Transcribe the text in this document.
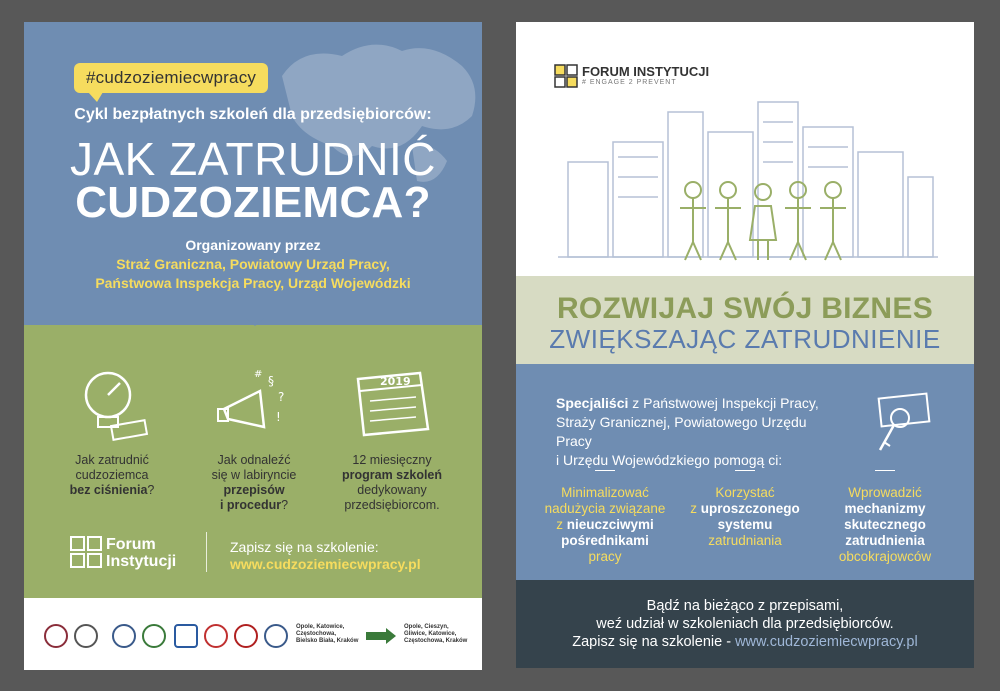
#cudzoziemiecwpracy
Cykl bezpłatnych szkoleń dla przedsiębiorców:
JAK ZATRUDNIĆ
CUDZOZIEMCA?
Organizowany przez
Straż Graniczna, Powiatowy Urząd Pracy,
Państwowa Inspekcja Pracy, Urząd Wojewódzki
Jak zatrudnić
cudzoziemca
bez ciśnienia?
§
?
#
!
Jak odnaleźć
się w labiryncie
przepisów
i procedur?
2019
12 miesięczny
program szkoleń
dedykowany
przedsiębiorcom.
Forum
Instytucji
Zapisz się na szkolenie:
www.cudzoziemiecwpracy.pl
Opole, Katowice,
Częstochowa,
Bielsko Biała, Kraków
Opole, Cieszyn,
Gliwice, Katowice,
Częstochowa, Kraków
FORUM INSTYTUCJI
# ENGAGE 2 PREVENT
ROZWIJAJ SWÓJ BIZNES
ZWIĘKSZAJĄC ZATRUDNIENIE
Specjaliści z Państwowej Inspekcji Pracy,
Straży Granicznej, Powiatowego Urzędu Pracy
i Urzędu Wojewódzkiego pomogą ci:
Minimalizować
nadużycia związane
z nieuczciwymi
pośrednikami
pracy
Korzystać
z uproszczonego
systemu
zatrudniania
Wprowadzić
mechanizmy
skutecznego
zatrudnienia
obcokrajowców
Bądź na bieżąco z przepisami,
weź udział w szkoleniach dla przedsiębiorców.
Zapisz się na szkolenie - www.cudzoziemiecwpracy.pl
